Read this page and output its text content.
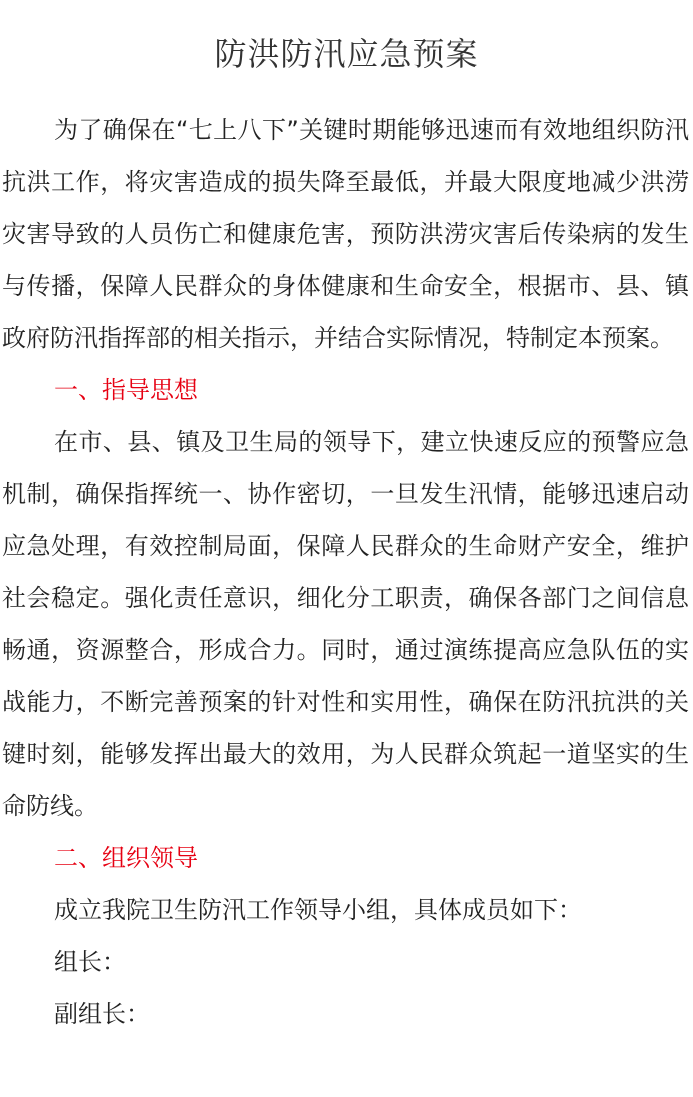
防洪防汛应急预案

为了确保在“七上八下”关键时期能够迅速而有效地组织防汛抗洪工作，将灾害造成的损失降至最低，并最大限度地减少洪涝灾害导致的人员伤亡和健康危害，预防洪涝灾害后传染病的发生与传播，保障人民群众的身体健康和生命安全，根据市、县、镇政府防汛指挥部的相关指示，并结合实际情况，特制定本预案。

一、指导思想

在市、县、镇及卫生局的领导下，建立快速反应的预警应急机制，确保指挥统一、协作密切，一旦发生汛情，能够迅速启动应急处理，有效控制局面，保障人民群众的生命财产安全，维护社会稳定。强化责任意识，细化分工职责，确保各部门之间信息畅通，资源整合，形成合力。同时，通过演练提高应急队伍的实战能力，不断完善预案的针对性和实用性，确保在防汛抗洪的关键时刻，能够发挥出最大的效用，为人民群众筑起一道坚实的生命防线。

二、组织领导
成立我院卫生防汛工作领导小组，具体成员如下：
组长：
副组长：
